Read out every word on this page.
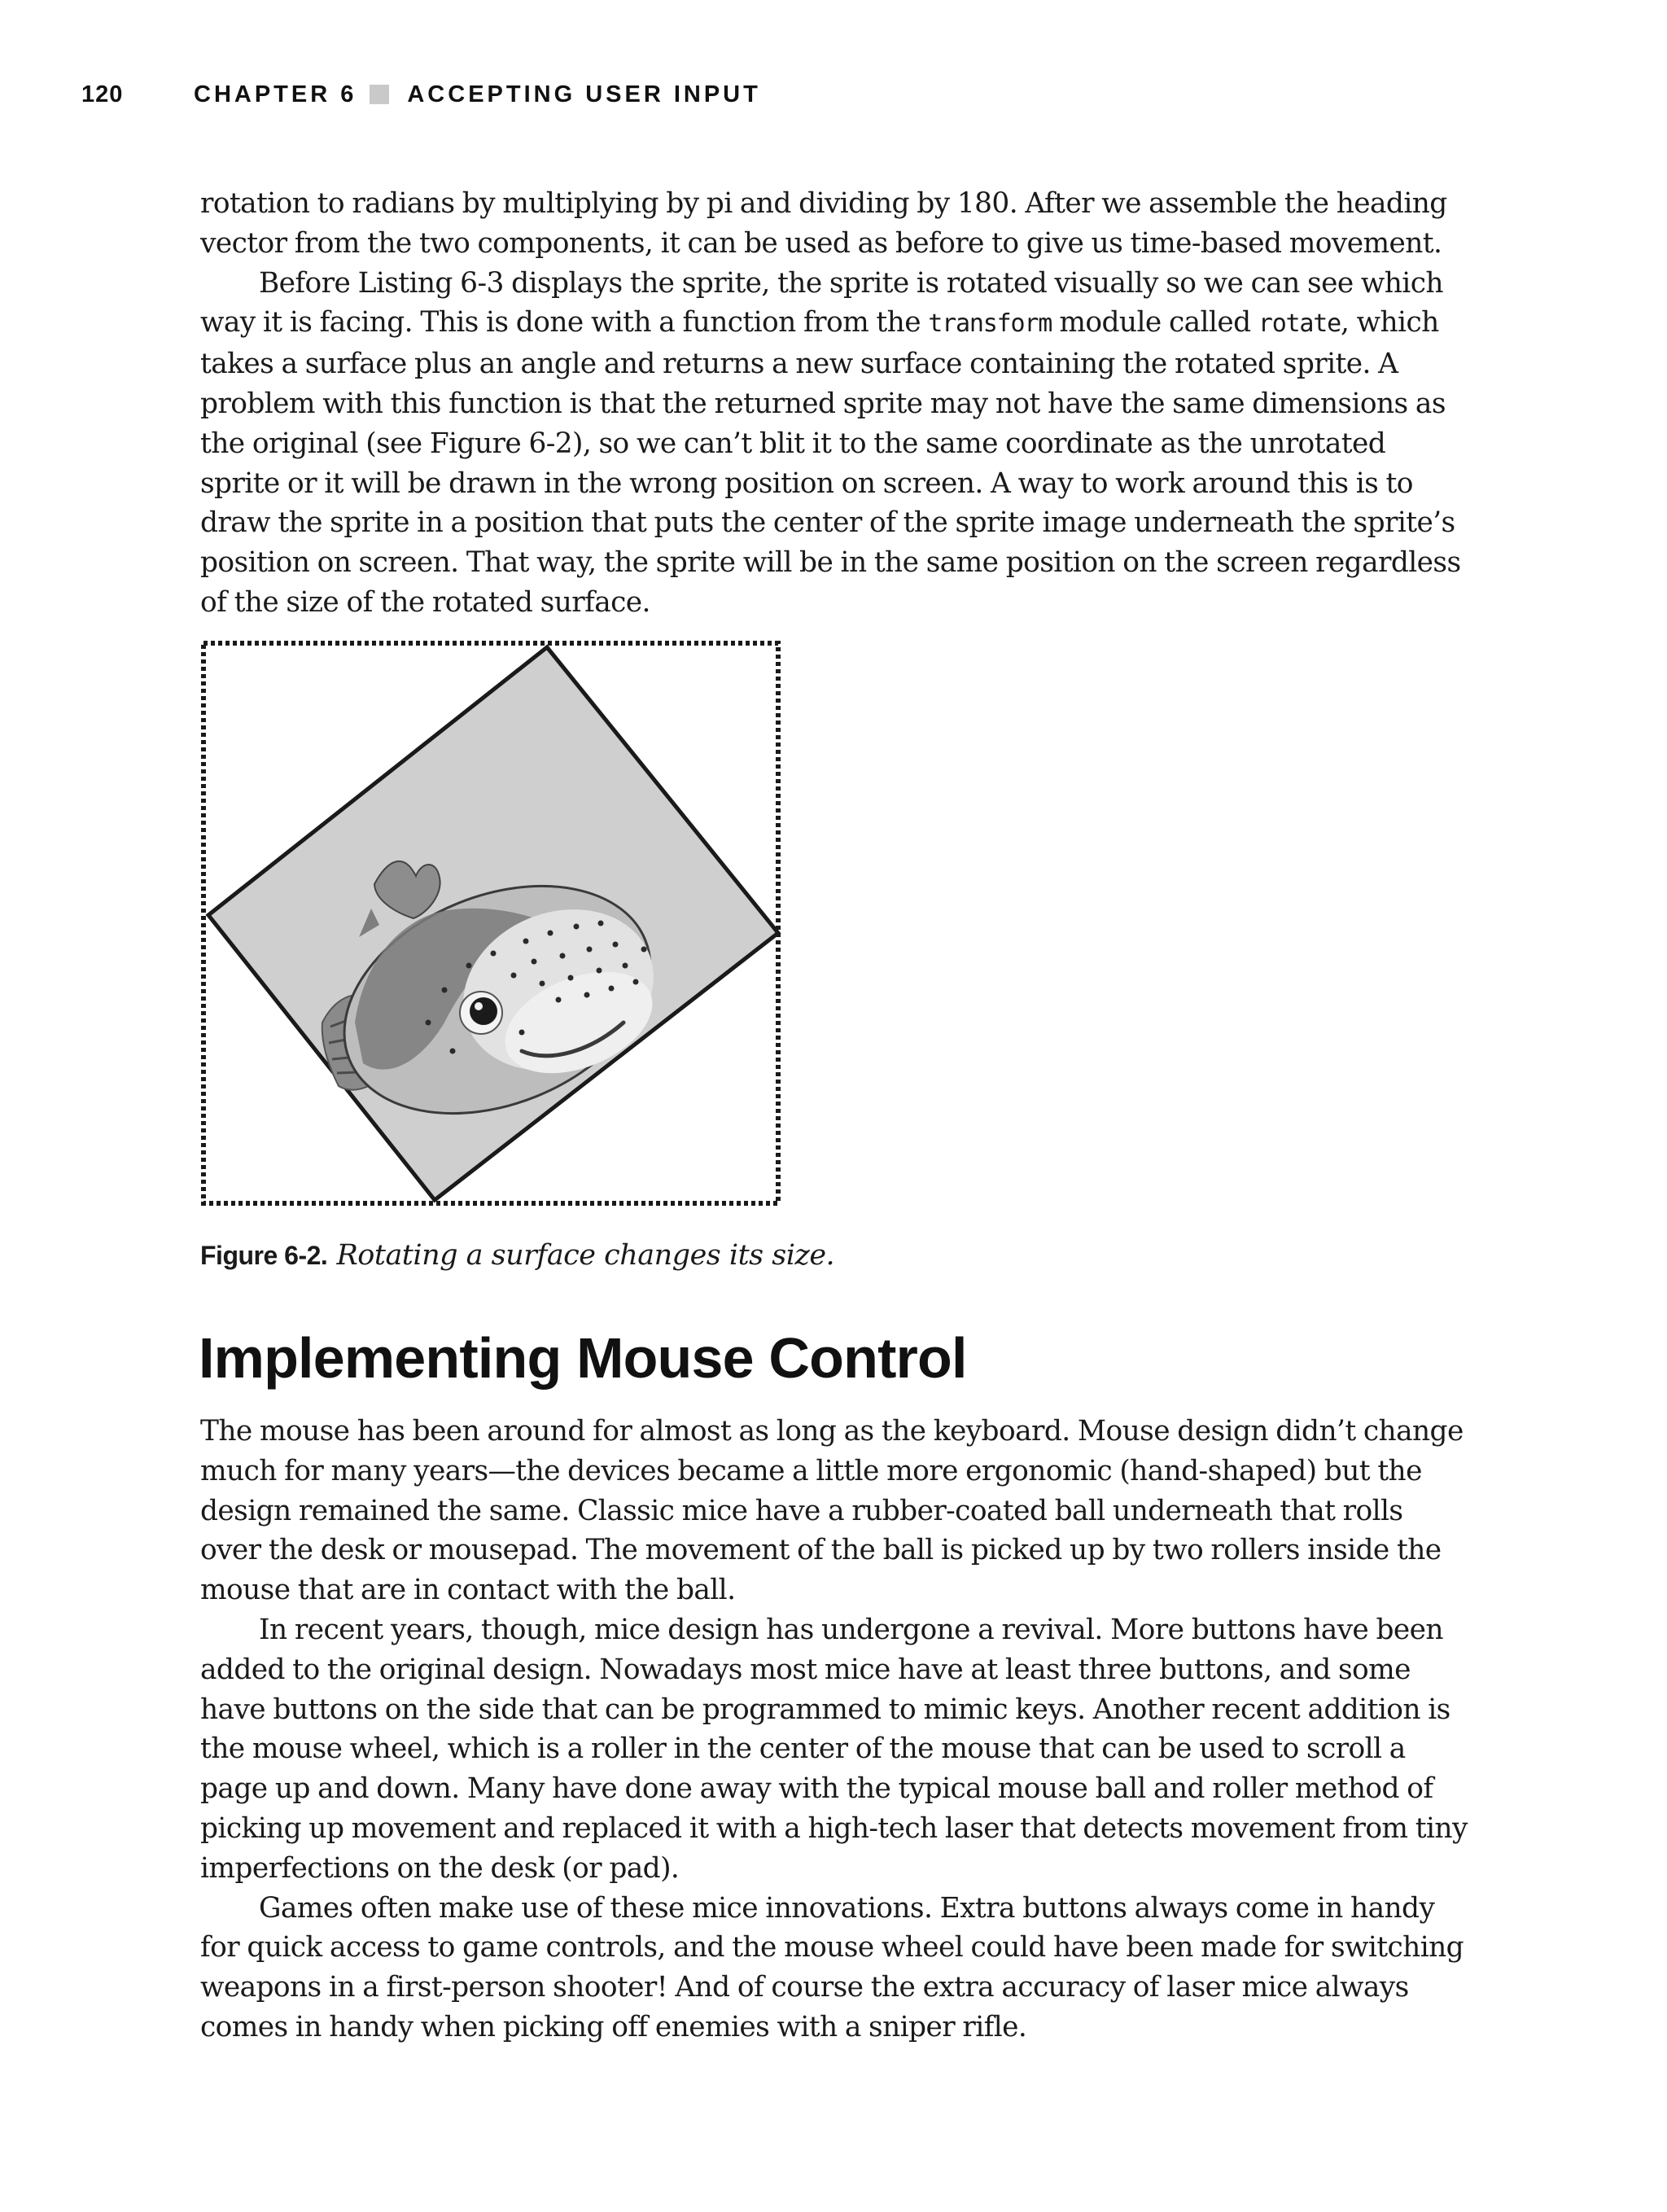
120	CHAPTER 6 ACCEPTING USER INPUT

rotation to radians by multiplying by pi and dividing by 180. After we assemble the heading vector from the two components, it can be used as before to give us time-based movement.

Before Listing 6-3 displays the sprite, the sprite is rotated visually so we can see which way it is facing. This is done with a function from the transform module called rotate, which takes a surface plus an angle and returns a new surface containing the rotated sprite. A problem with this function is that the returned sprite may not have the same dimensions as the original (see Figure 6-2), so we can’t blit it to the same coordinate as the unrotated sprite or it will be drawn in the wrong position on screen. A way to work around this is to draw the sprite in a position that puts the center of the sprite image underneath the sprite’s position on screen. That way, the sprite will be in the same position on the screen regardless of the size of the rotated surface.

Figure 6-2. Rotating a surface changes its size.
Implementing Mouse Control

The mouse has been around for almost as long as the keyboard. Mouse design didn’t change much for many years—the devices became a little more ergonomic (hand-shaped) but the design remained the same. Classic mice have a rubber-coated ball underneath that rolls over the desk or mousepad. The movement of the ball is picked up by two rollers inside the mouse that are in contact with the ball.

In recent years, though, mice design has undergone a revival. More buttons have been added to the original design. Nowadays most mice have at least three buttons, and some have buttons on the side that can be programmed to mimic keys. Another recent addition is the mouse wheel, which is a roller in the center of the mouse that can be used to scroll a page up and down. Many have done away with the typical mouse ball and roller method of picking up movement and replaced it with a high-tech laser that detects movement from tiny imperfections on the desk (or pad).

Games often make use of these mice innovations. Extra buttons always come in handy for quick access to game controls, and the mouse wheel could have been made for switching weapons in a first-person shooter! And of course the extra accuracy of laser mice always comes in handy when picking off enemies with a sniper rifle.
